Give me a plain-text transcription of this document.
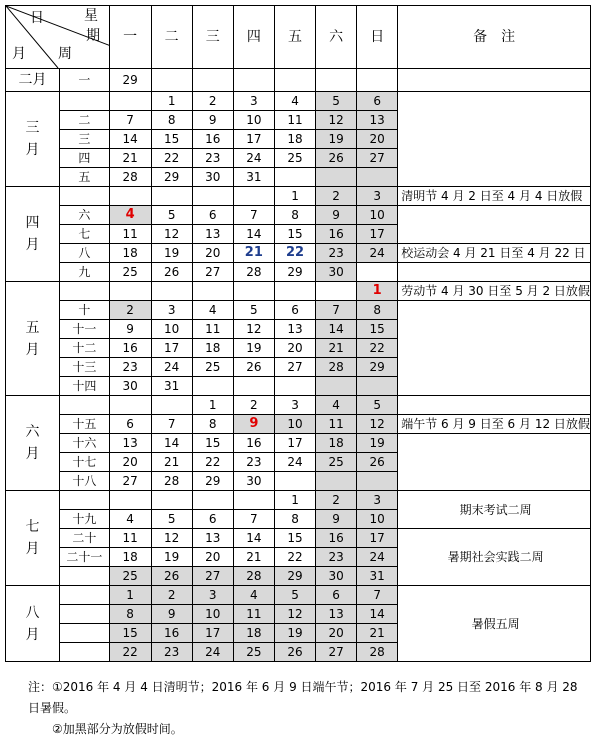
日 星
期
月 周		一	二	三	四	五	六	日	备　注
二月	一	29							

三
月			1	2	3	4	5	6	
	二	7	8	9	10	11	12	13	
	三	14	15	16	17	18	19	20	
	四	21	22	23	24	25	26	27	
	五	28	29	30	31				

四
月						1	2	3	清明节 4 月 2 日至 4 月 4 日放假
	六	4	5	6	7	8	9	10	
	七	11	12	13	14	15	16	17	
	八	18	19	20	21	22	23	24	校运动会 4 月 21 日至 4 月 22 日
	九	25	26	27	28	29	30		

五
月								1	劳动节 4 月 30 日至 5 月 2 日放假
	十	2	3	4	5	6	7	8	
	十一	9	10	11	12	13	14	15	
	十二	16	17	18	19	20	21	22	
	十三	23	24	25	26	27	28	29	
	十四	30	31						

六
月				1	2	3	4	5	
	十五	6	7	8	9	10	11	12	端午节 6 月 9 日至 6 月 12 日放假
	十六	13	14	15	16	17	18	19	
	十七	20	21	22	23	24	25	26	
	十八	27	28	29	30				

七
月						1	2	3	期末考试二周
	十九	4	5	6	7	8	9	10	
	二十	11	12	13	14	15	16	17	暑期社会实践二周
	二十一	18	19	20	21	22	23	24	
		25	26	27	28	29	30	31	

八
月		1	2	3	4	5	6	7	暑假五周
		8	9	10	11	12	13	14	
		15	16	17	18	19	20	21	
		22	23	24	25	26	27	28	
注：①2016 年 4 月 4 日清明节；2016 年 6 月 9 日端午节；2016 年 7 月 25 日至 2016 年 8 月 28 日暑假。
②加黑部分为放假时间。
